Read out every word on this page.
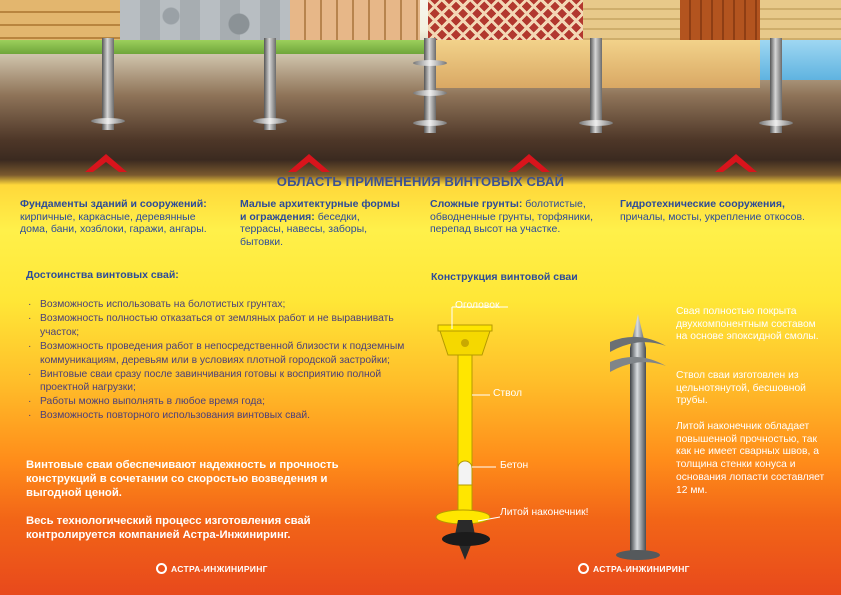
ОБЛАСТЬ ПРИМЕНЕНИЯ ВИНТОВЫХ СВАЙ
Фундаменты зданий и сооружений: кирпичные, каркасные, деревянные дома, бани, хозблоки, гаражи, ангары.
Малые архитектурные формы и ограждения: беседки, террасы, навесы, заборы, бытовки.
Сложные грунты: болотистые, обводненные грунты, торфяники, перепад высот на участке.
Гидротехнические сооружения, причалы, мосты, укрепление откосов.
Достоинства винтовых свай:
· Возможность использовать на болотистых грунтах;
· Возможность полностью отказаться от земляных работ и не выравнивать участок;
· Возможность проведения работ в непосредственной близости к подземным коммуникациям, деревьям или в условиях плотной городской застройки;
· Винтовые сваи сразу после завинчивания готовы к восприятию полной проектной нагрузки;
· Работы можно выполнять в любое время года;
· Возможность повторного использования винтовых свай.
Винтовые сваи обеспечивают надежность и прочность конструкций в сочетании со скоростью возведения и выгодной ценой.
Весь технологический процесс изготовления свай контролируется компанией Астра-Инжиниринг.
АСТРА-ИНЖИНИРИНГ	АСТРА-ИНЖИНИРИНГ
Конструкция винтовой сваи
Оголовок
Ствол
Бетон
Литой наконечник!
Свая полностью покрыта двухкомпонентным составом на основе эпоксидной смолы.
Ствол сваи изготовлен из цельнотянутой, бесшовной трубы.
Литой наконечник обладает повышенной прочностью, так как не имеет сварных швов, а толщина стенки конуса и основания лопасти составляет 12 мм.
